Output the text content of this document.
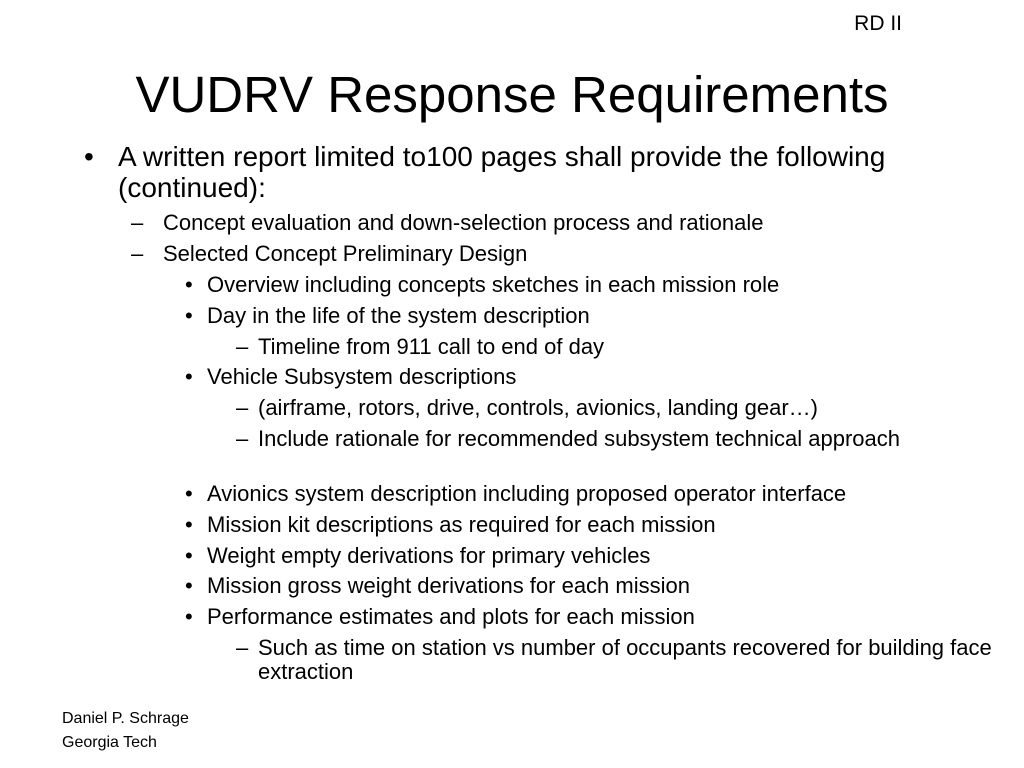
RD II
VUDRV Response Requirements
• A written report limited to100 pages shall provide the following (continued):
– Concept evaluation and down-selection process and rationale
– Selected Concept Preliminary Design
• Overview including concepts sketches in each mission role
• Day in the life of the system description
– Timeline from 911 call to end of day
• Vehicle Subsystem descriptions
– (airframe, rotors, drive, controls, avionics, landing gear…)
– Include rationale for recommended subsystem technical approach
• Avionics system description including proposed operator interface
• Mission kit descriptions as required for each mission
• Weight empty derivations for primary vehicles
• Mission gross weight derivations for each mission
• Performance estimates and plots for each mission
– Such as time on station vs number of occupants recovered for building face extraction
Daniel P. Schrage
Georgia Tech
